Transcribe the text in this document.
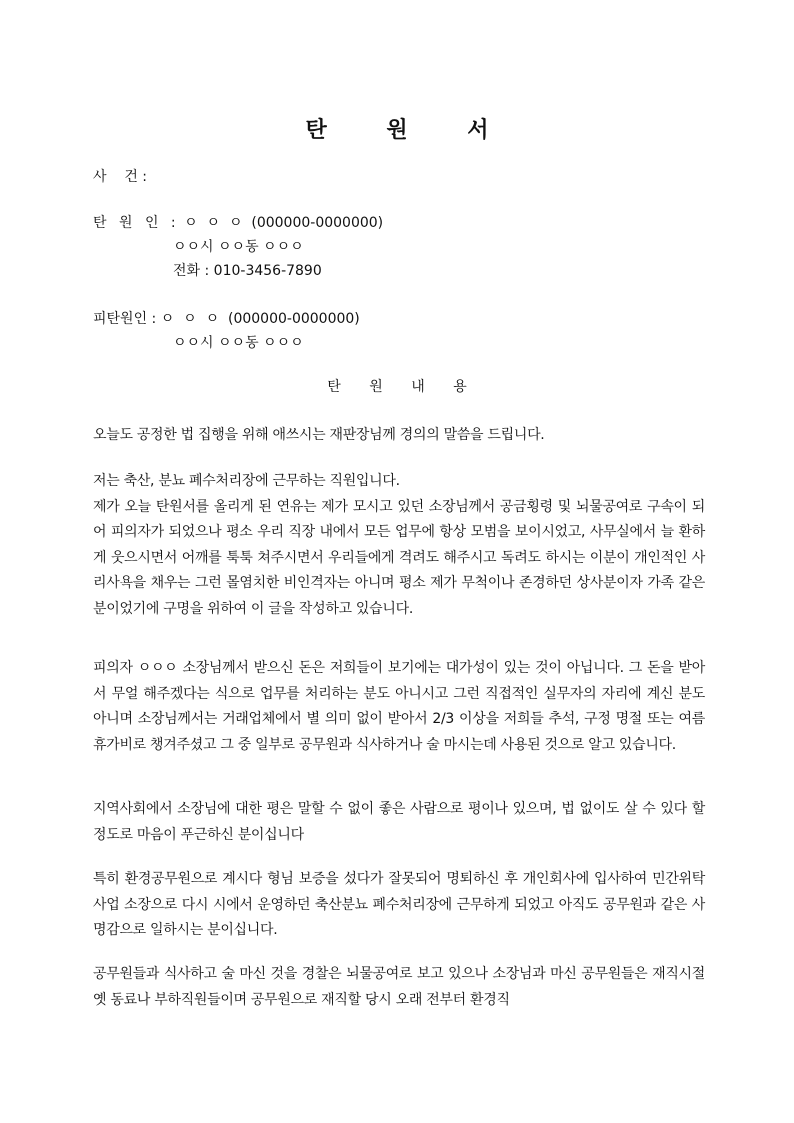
탄 원 서
사    건 :
탄 원 인 : ㅇ  ㅇ  ㅇ  (000000-0000000)
ㅇㅇ시 ㅇㅇ동 ㅇㅇㅇ
전화 : 010-3456-7890
피탄원인 : ㅇ  ㅇ  ㅇ  (000000-0000000)
ㅇㅇ시 ㅇㅇ동 ㅇㅇㅇ
탄 원 내 용
오늘도 공정한 법 집행을 위해 애쓰시는 재판장님께 경의의 말씀을 드립니다.
저는 축산, 분뇨 폐수처리장에 근무하는 직원입니다.
제가 오늘 탄원서를 올리게 된 연유는 제가 모시고 있던 소장님께서 공금횡령 및 뇌물공여로 구속이 되어 피의자가 되었으나 평소 우리 직장 내에서 모든 업무에 항상 모범을 보이시었고, 사무실에서 늘 환하게 웃으시면서 어깨를 툭툭 쳐주시면서 우리들에게 격려도 해주시고 독려도 하시는 이분이 개인적인 사리사욕을 채우는 그런 몰염치한 비인격자는 아니며 평소 제가 무척이나 존경하던 상사분이자 가족 같은 분이었기에 구명을 위하여 이 글을 작성하고 있습니다.
피의자 ㅇㅇㅇ 소장님께서 받으신 돈은 저희들이 보기에는 대가성이 있는 것이 아닙니다. 그 돈을 받아서 무얼 해주겠다는 식으로 업무를 처리하는 분도 아니시고 그런 직접적인 실무자의 자리에 계신 분도 아니며 소장님께서는 거래업체에서 별 의미 없이 받아서 2/3 이상을 저희들 추석, 구정 명절 또는 여름휴가비로 챙겨주셨고 그 중 일부로 공무원과 식사하거나 술 마시는데 사용된 것으로 알고 있습니다.
지역사회에서 소장님에 대한 평은 말할 수 없이 좋은 사람으로 평이나 있으며, 법 없이도 살 수 있다 할 정도로 마음이 푸근하신 분이십니다
특히 환경공무원으로 계시다 형님 보증을 섰다가 잘못되어 명퇴하신 후 개인회사에 입사하여 민간위탁사업 소장으로 다시 시에서 운영하던 축산분뇨 폐수처리장에 근무하게 되었고 아직도 공무원과 같은 사명감으로 일하시는 분이십니다.
공무원들과 식사하고 술 마신 것을 경찰은 뇌물공여로 보고 있으나 소장님과 마신 공무원들은 재직시절 옛 동료나 부하직원들이며 공무원으로 재직할 당시 오래 전부터 환경직
